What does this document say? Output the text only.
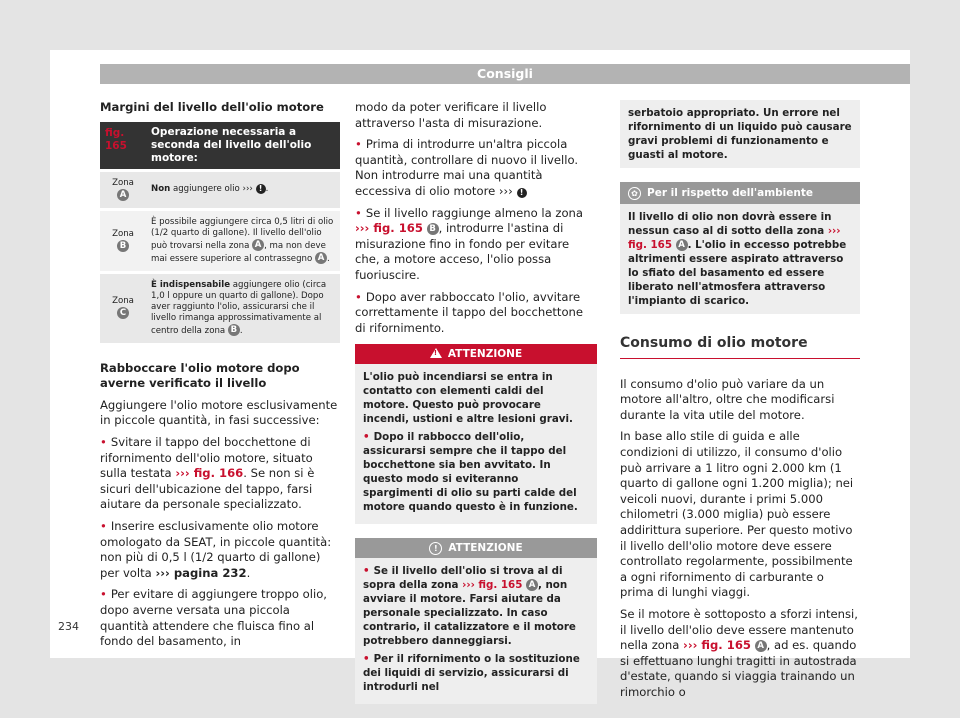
Consigli

Margini del livello dell'olio motore

fig. 165	Operazione necessaria a seconda del livello dell'olio motore:
Zona A	Non aggiungere olio ››› ! .
Zona B	È possibile aggiungere circa 0,5 litri di olio (1/2 quarto di gallone). Il livello dell'olio può trovarsi nella zona A , ma non deve mai essere superiore al contrassegno A .
Zona C	È indispensabile aggiungere olio (circa 1,0 l oppure un quarto di gallone). Dopo aver raggiunto l'olio, assicurarsi che il livello rimanga approssimativamente al centro della zona B .

Rabboccare l'olio motore dopo averne verificato il livello

Aggiungere l'olio motore esclusivamente in piccole quantità, in fasi successive:

• Svitare il tappo del bocchettone di rifornimento dell'olio motore, situato sulla testata ››› fig. 166. Se non si è sicuri dell'ubicazione del tappo, farsi aiutare da personale specializzato.

• Inserire esclusivamente olio motore omologato da SEAT, in piccole quantità: non più di 0,5 l (1/2 quarto di gallone) per volta ››› pagina 232.

• Per evitare di aggiungere troppo olio, dopo averne versata una piccola quantità attendere che fluisca fino al fondo del basamento, in

modo da poter verificare il livello attraverso l'asta di misurazione.

• Prima di introdurre un'altra piccola quantità, controllare di nuovo il livello. Non introdurre mai una quantità eccessiva di olio motore ››› !

• Se il livello raggiunge almeno la zona ››› fig. 165 B , introdurre l'astina di misurazione fino in fondo per evitare che, a motore acceso, l'olio possa fuoriuscire.

• Dopo aver rabboccato l'olio, avvitare correttamente il tappo del bocchettone di rifornimento.

!ATTENZIONE

L'olio può incendiarsi se entra in contatto con elementi caldi del motore. Questo può provocare incendi, ustioni e altre lesioni gravi.

• Dopo il rabbocco dell'olio, assicurarsi sempre che il tappo del bocchettone sia ben avvitato. In questo modo si eviteranno spargimenti di olio su parti calde del motore quando questo è in funzione.

! ATTENZIONE

• Se il livello dell'olio si trova al di sopra della zona ››› fig. 165 A , non avviare il motore. Farsi aiutare da personale specializzato. In caso contrario, il catalizzatore e il motore potrebbero danneggiarsi.

• Per il rifornimento o la sostituzione dei liquidi di servizio, assicurarsi di introdurli nel

serbatoio appropriato. Un errore nel rifornimento di un liquido può causare gravi problemi di funzionamento e guasti al motore.
✿ Per il rispetto dell'ambiente
Il livello di olio non dovrà essere in nessun caso al di sotto della zona ››› fig. 165 A . L'olio in eccesso potrebbe altrimenti essere aspirato attraverso lo sfiato del basamento ed essere liberato nell'atmosfera attraverso l'impianto di scarico.
Consumo di olio motore

Il consumo d'olio può variare da un motore all'altro, oltre che modificarsi durante la vita utile del motore.

In base allo stile di guida e alle condizioni di utilizzo, il consumo d'olio può arrivare a 1 litro ogni 2.000 km (1 quarto di gallone ogni 1.200 miglia); nei veicoli nuovi, durante i primi 5.000 chilometri (3.000 miglia) può essere addirittura superiore. Per questo motivo il livello dell'olio motore deve essere controllato regolarmente, possibilmente a ogni rifornimento di carburante o prima di lunghi viaggi.

Se il motore è sottoposto a sforzi intensi, il livello dell'olio deve essere mantenuto nella zona ››› fig. 165 A , ad es. quando si effettuano lunghi tragitti in autostrada d'estate, quando si viaggia trainando un rimorchio o

234
